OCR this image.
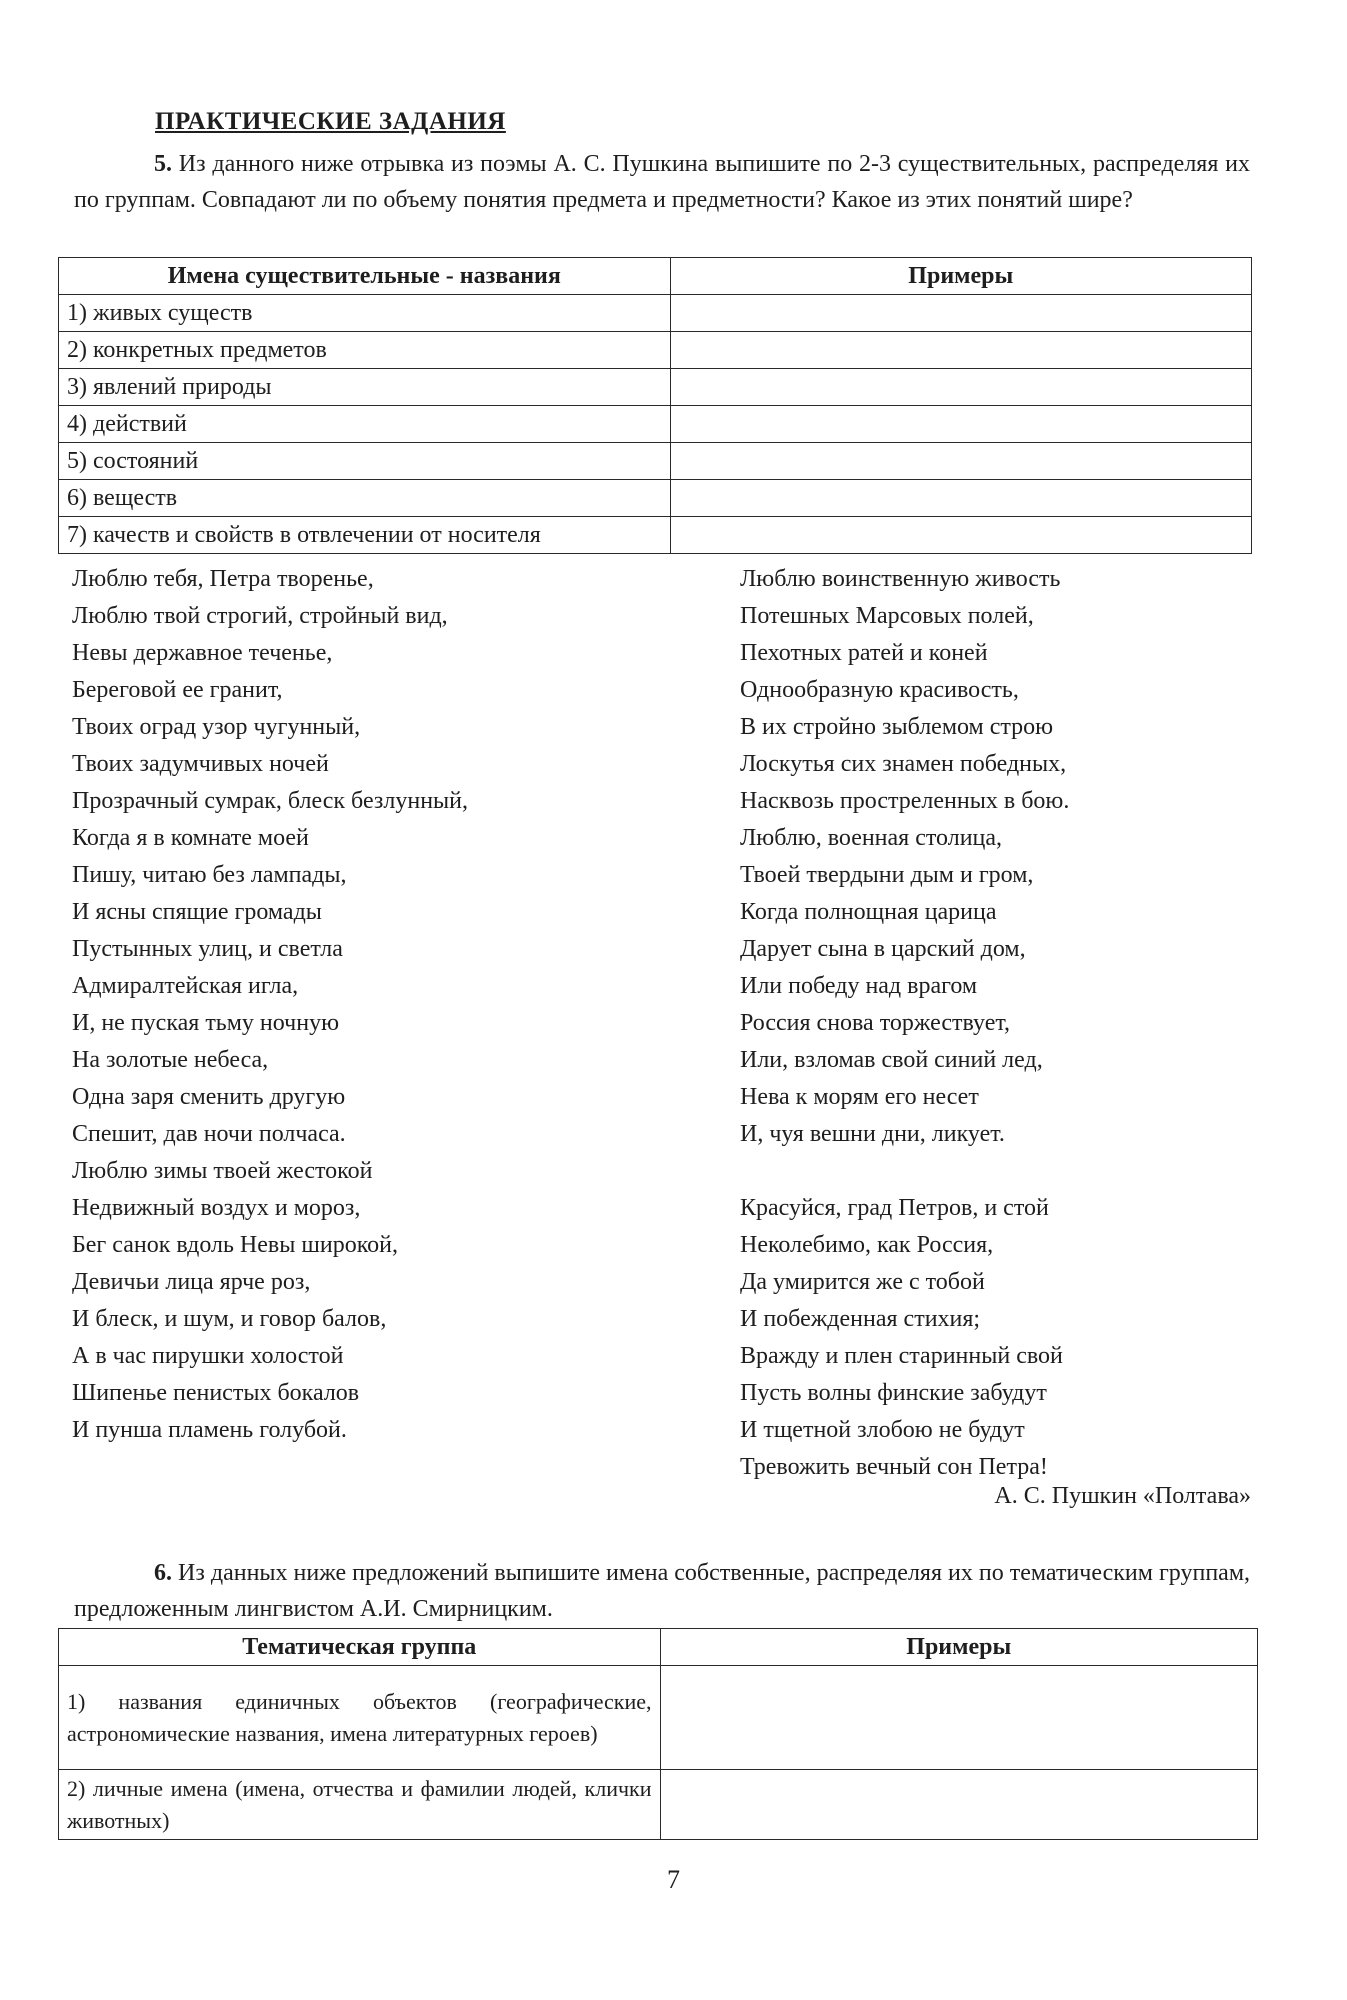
ПРАКТИЧЕСКИЕ ЗАДАНИЯ
5. Из данного ниже отрывка из поэмы А. С. Пушкина выпишите по 2-3 существительных, распределяя их по группам. Совпадают ли по объему понятия предмета и предметности? Какое из этих понятий шире?
Имена существительные - названия	Примеры
1) живых существ	
2) конкретных предметов	
3) явлений природы	
4) действий	
5) состояний	
6) веществ	
7) качеств и свойств в отвлечении от носителя	
Люблю тебя, Петра творенье,
Люблю твой строгий, стройный вид,
Невы державное теченье,
Береговой ее гранит,
Твоих оград узор чугунный,
Твоих задумчивых ночей
Прозрачный сумрак, блеск безлунный,
Когда я в комнате моей
Пишу, читаю без лампады,
И ясны спящие громады
Пустынных улиц, и светла
Адмиралтейская игла,
И, не пуская тьму ночную
На золотые небеса,
Одна заря сменить другую
Спешит, дав ночи полчаса.
Люблю зимы твоей жестокой
Недвижный воздух и мороз,
Бег санок вдоль Невы широкой,
Девичьи лица ярче роз,
И блеск, и шум, и говор балов,
А в час пирушки холостой
Шипенье пенистых бокалов
И пунша пламень голубой.
Люблю воинственную живость
Потешных Марсовых полей,
Пехотных ратей и коней
Однообразную красивость,
В их стройно зыблемом строю
Лоскутья сих знамен победных,
Насквозь простреленных в бою.
Люблю, военная столица,
Твоей твердыни дым и гром,
Когда полнощная царица
Дарует сына в царский дом,
Или победу над врагом
Россия снова торжествует,
Или, взломав свой синий лед,
Нева к морям его несет
И, чуя вешни дни, ликует.
Красуйся, град Петров, и стой
Неколебимо, как Россия,
Да умирится же с тобой
И побежденная стихия;
Вражду и плен старинный свой
Пусть волны финские забудут
И тщетной злобою не будут
Тревожить вечный сон Петра!
А. С. Пушкин «Полтава»
6. Из данных ниже предложений выпишите имена собственные, распределяя их по тематическим группам, предложенным лингвистом А.И. Смирницким.
Тематическая группа	Примеры
1) названия единичных объектов (географические, астрономические названия, имена литературных героев)	
2) личные имена (имена, отчества и фамилии людей, клички животных)	
7
